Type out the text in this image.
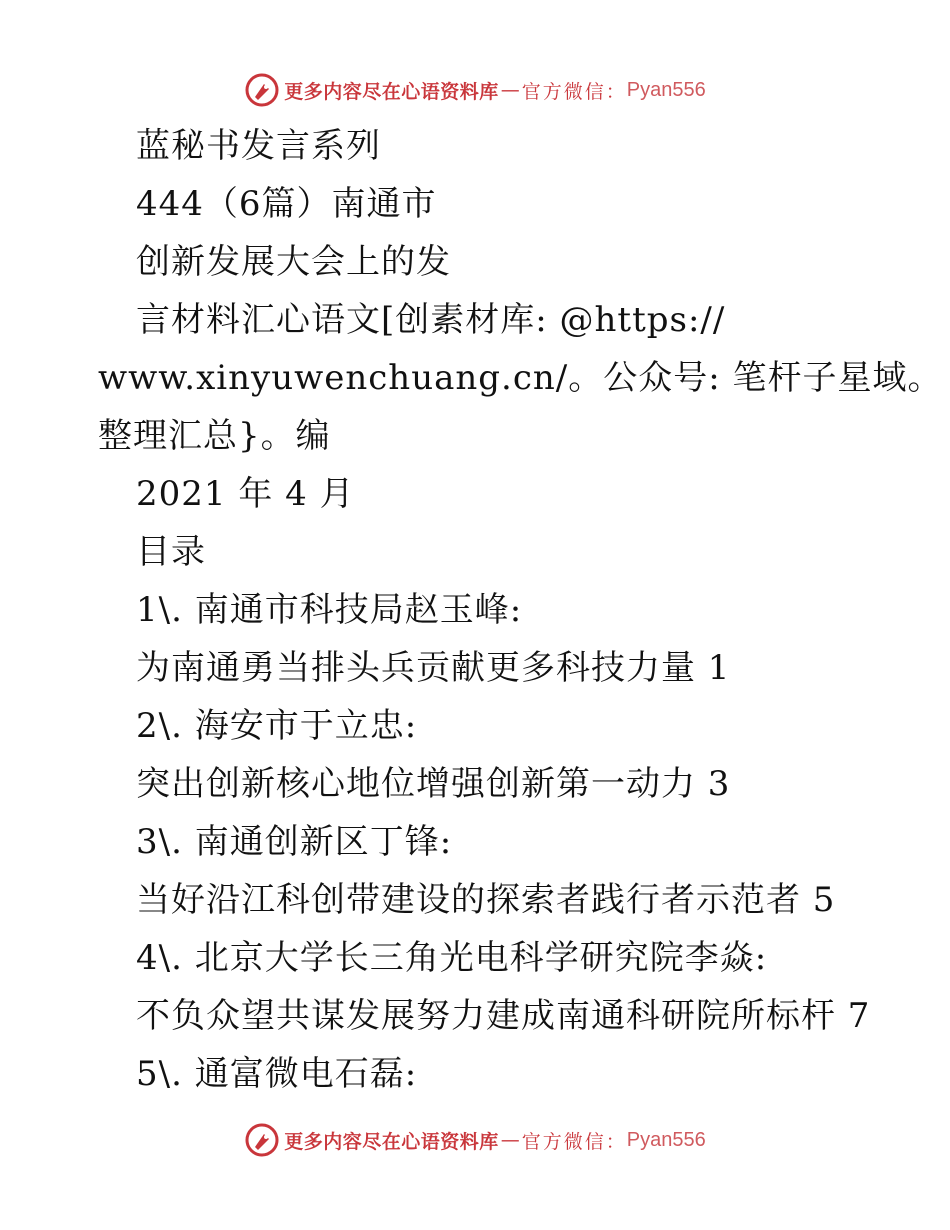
更多内容尽在心语资料库 — 官方微信： Pyan556
蓝秘书发言系列
444（6篇）南通市
创新发展大会上的发
言材料汇心语文[创素材库: @https://
www.xinyuwenchuang.cn/。公众号: 笔杆子星域。
整理汇总}。编
2021 年 4 月
目录
1\. 南通市科技局赵玉峰:
为南通勇当排头兵贡献更多科技力量 1
2\. 海安市于立忠:
突出创新核心地位增强创新第一动力 3
3\. 南通创新区丁锋:
当好沿江科创带建设的探索者践行者示范者 5
4\. 北京大学长三角光电科学研究院李焱:
不负众望共谋发展努力建成南通科研院所标杆 7
5\. 通富微电石磊:
更多内容尽在心语资料库 — 官方微信： Pyan556
